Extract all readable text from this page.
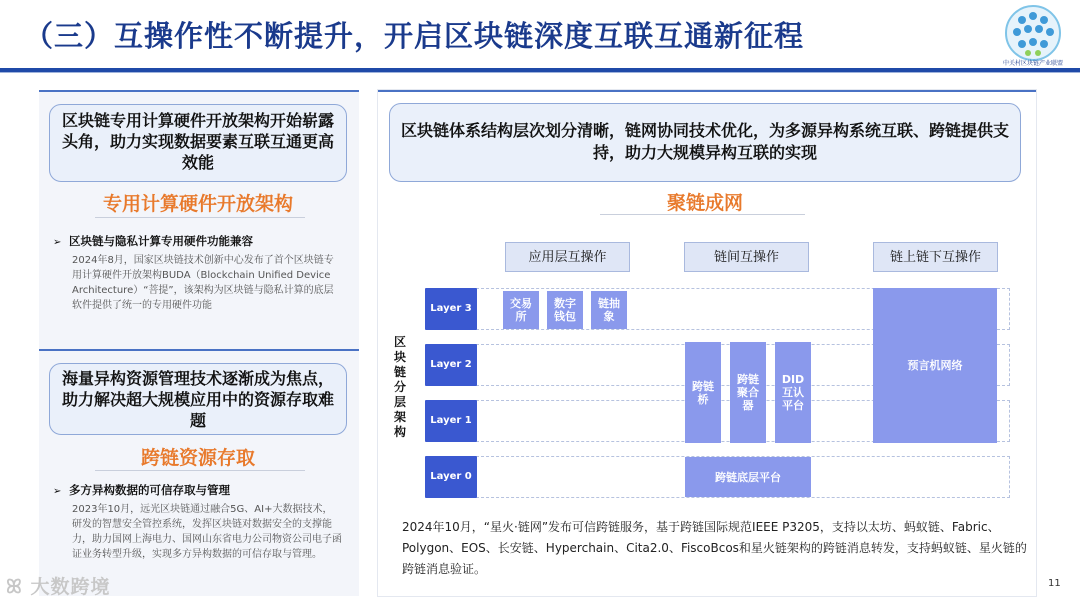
（三）互操作性不断提升，开启区块链深度互联互通新征程
中关村区块链产业联盟
区块链专用计算硬件开放架构开始崭露头角，助力实现数据要素互联互通更高效能
专用计算硬件开放架构
➢ 区块链与隐私计算专用硬件功能兼容
2024年8月，国家区块链技术创新中心发布了首个区块链专用计算硬件开放架构BUDA（Blockchain Unified Device Architecture）“菩提”，该架构为区块链与隐私计算的底层软件提供了统一的专用硬件功能
海量异构资源管理技术逐渐成为焦点，助力解决超大规模应用中的资源存取难题
跨链资源存取
➢ 多方异构数据的可信存取与管理
2023年10月，远光区块链通过融合5G、AI+大数据技术，研发的智慧安全管控系统，发挥区块链对数据安全的支撑能力，助力国网上海电力、国网山东省电力公司物资公司电子函证业务转型升级，实现多方异构数据的可信存取与管理。
区块链体系结构层次划分清晰，链网协同技术优化，为多源异构系统互联、跨链提供支持，助力大规模异构互联的实现
聚链成网
应用层互操作	链间互操作	链上链下互操作
区块链分层架构
Layer 3
Layer 2
Layer 1
Layer 0
交易所
数字钱包
链抽象
跨链桥
跨链聚合器
DID互认平台
跨链底层平台
预言机网络
2024年10月，“星火·链网”发布可信跨链服务，基于跨链国际规范IEEE P3205，支持以太坊、蚂蚁链、Fabric、Polygon、EOS、长安链、Hyperchain、Cita2.0、FiscoBcos和星火链架构的跨链消息转发，支持蚂蚁链、星火链的跨链消息验证。
11
ꕤ 大数跨境
